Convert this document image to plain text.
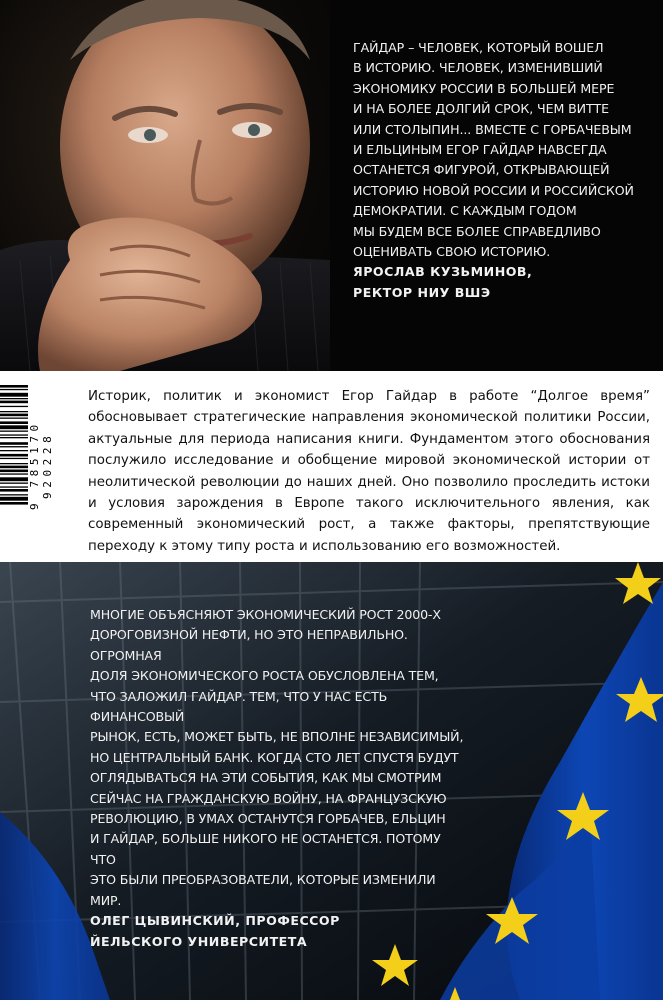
ГАЙДАР – ЧЕЛОВЕК, КОТОРЫЙ ВОШЕЛ
В ИСТОРИЮ. ЧЕЛОВЕК, ИЗМЕНИВШИЙ
ЭКОНОМИКУ РОССИИ В БОЛЬШЕЙ МЕРЕ
И НА БОЛЕЕ ДОЛГИЙ СРОК, ЧЕМ ВИТТЕ
ИЛИ СТОЛЫПИН... ВМЕСТЕ С ГОРБАЧЕВЫМ
И ЕЛЬЦИНЫМ ЕГОР ГАЙДАР НАВСЕГДА
ОСТАНЕТСЯ ФИГУРОЙ, ОТКРЫВАЮЩЕЙ
ИСТОРИЮ НОВОЙ РОССИИ И РОССИЙСКОЙ
ДЕМОКРАТИИ. С КАЖДЫМ ГОДОМ
МЫ БУДЕМ ВСЕ БОЛЕЕ СПРАВЕДЛИВО
ОЦЕНИВАТЬ СВОЮ ИСТОРИЮ.
ЯРОСЛАВ КУЗЬМИНОВ,
РЕКТОР НИУ ВШЭ
9 785170 920228

Историк, политик и экономист Егор Гайдар в работе “Долгое время” обосновывает стратегические направления экономической политики России, актуальные для периода написания книги. Фундаментом этого обоснования послужило исследование и обобщение мировой экономической истории от неолитической революции до наших дней. Оно позволило проследить истоки и условия зарождения в Европе такого исключительного явления, как современный экономический рост, а также факторы, препятствующие переходу к этому типу роста и использованию его возможностей.

МНОГИЕ ОБЪЯСНЯЮТ ЭКОНОМИЧЕСКИЙ РОСТ 2000-Х
ДОРОГОВИЗНОЙ НЕФТИ, НО ЭТО НЕПРАВИЛЬНО. ОГРОМНАЯ
ДОЛЯ ЭКОНОМИЧЕСКОГО РОСТА ОБУСЛОВЛЕНА ТЕМ,
ЧТО ЗАЛОЖИЛ ГАЙДАР. ТЕМ, ЧТО У НАС ЕСТЬ ФИНАНСОВЫЙ
РЫНОК, ЕСТЬ, МОЖЕТ БЫТЬ, НЕ ВПОЛНЕ НЕЗАВИСИМЫЙ,
НО ЦЕНТРАЛЬНЫЙ БАНК. КОГДА СТО ЛЕТ СПУСТЯ БУДУТ
ОГЛЯДЫВАТЬСЯ НА ЭТИ СОБЫТИЯ, КАК МЫ СМОТРИМ
СЕЙЧАС НА ГРАЖДАНСКУЮ ВОЙНУ, НА ФРАНЦУЗСКУЮ
РЕВОЛЮЦИЮ, В УМАХ ОСТАНУТСЯ ГОРБАЧЕВ, ЕЛЬЦИН
И ГАЙДАР, БОЛЬШЕ НИКОГО НЕ ОСТАНЕТСЯ. ПОТОМУ ЧТО
ЭТО БЫЛИ ПРЕОБРАЗОВАТЕЛИ, КОТОРЫЕ ИЗМЕНИЛИ МИР.
ОЛЕГ ЦЫВИНСКИЙ, ПРОФЕССОР
ЙЕЛЬСКОГО УНИВЕРСИТЕТА
